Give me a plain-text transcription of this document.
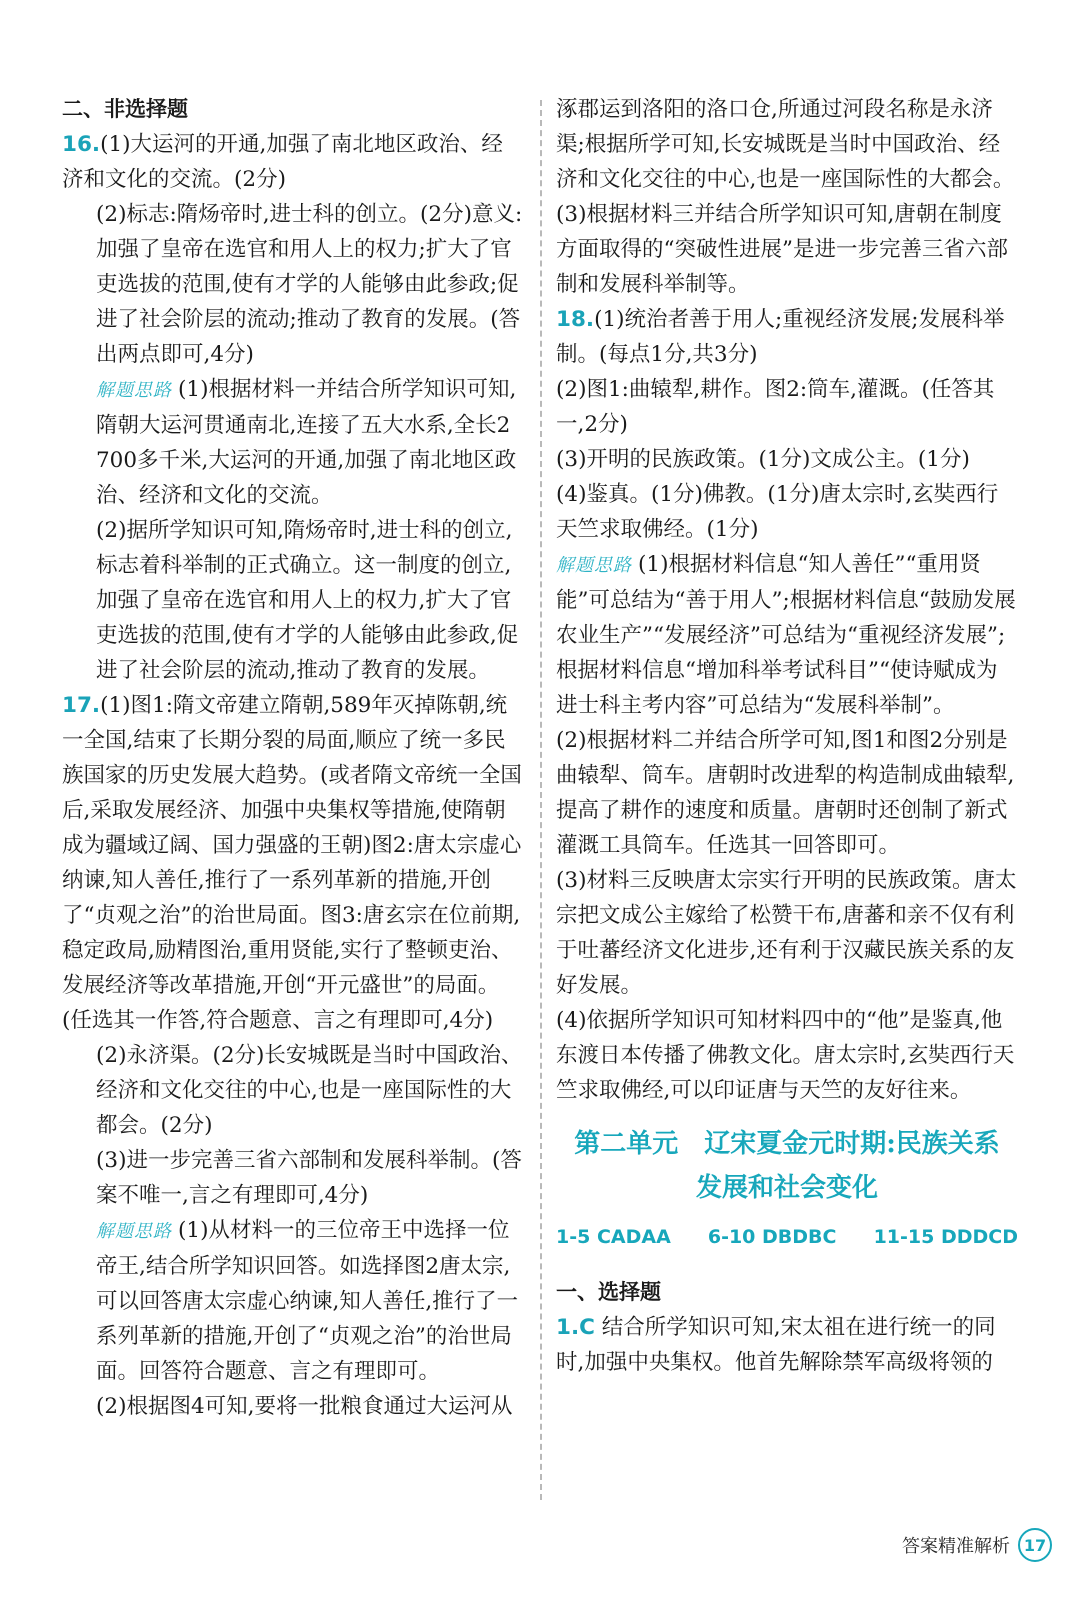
二、非选择题

16.(1)大运河的开通,加强了南北地区政治、经济和文化的交流。(2分)

(2)标志:隋炀帝时,进士科的创立。(2分)意义:加强了皇帝在选官和用人上的权力;扩大了官吏选拔的范围,使有才学的人能够由此参政;促进了社会阶层的流动;推动了教育的发展。(答出两点即可,4分)

解题思路 (1)根据材料一并结合所学知识可知,隋朝大运河贯通南北,连接了五大水系,全长2 700多千米,大运河的开通,加强了南北地区政治、经济和文化的交流。

(2)据所学知识可知,隋炀帝时,进士科的创立,标志着科举制的正式确立。这一制度的创立,加强了皇帝在选官和用人上的权力,扩大了官吏选拔的范围,使有才学的人能够由此参政,促进了社会阶层的流动,推动了教育的发展。

17.(1)图1:隋文帝建立隋朝,589年灭掉陈朝,统一全国,结束了长期分裂的局面,顺应了统一多民族国家的历史发展大趋势。(或者隋文帝统一全国后,采取发展经济、加强中央集权等措施,使隋朝成为疆域辽阔、国力强盛的王朝)图2:唐太宗虚心纳谏,知人善任,推行了一系列革新的措施,开创了“贞观之治”的治世局面。图3:唐玄宗在位前期,稳定政局,励精图治,重用贤能,实行了整顿吏治、发展经济等改革措施,开创“开元盛世”的局面。(任选其一作答,符合题意、言之有理即可,4分)

(2)永济渠。(2分)长安城既是当时中国政治、经济和文化交往的中心,也是一座国际性的大都会。(2分)

(3)进一步完善三省六部制和发展科举制。(答案不唯一,言之有理即可,4分)

解题思路 (1)从材料一的三位帝王中选择一位帝王,结合所学知识回答。如选择图2唐太宗,可以回答唐太宗虚心纳谏,知人善任,推行了一系列革新的措施,开创了“贞观之治”的治世局面。回答符合题意、言之有理即可。

(2)根据图4可知,要将一批粮食通过大运河从

涿郡运到洛阳的洛口仓,所通过河段名称是永济渠;根据所学可知,长安城既是当时中国政治、经济和文化交往的中心,也是一座国际性的大都会。

(3)根据材料三并结合所学知识可知,唐朝在制度方面取得的“突破性进展”是进一步完善三省六部制和发展科举制等。

18.(1)统治者善于用人;重视经济发展;发展科举制。(每点1分,共3分)

(2)图1:曲辕犁,耕作。图2:筒车,灌溉。(任答其一,2分)

(3)开明的民族政策。(1分)文成公主。(1分)

(4)鉴真。(1分)佛教。(1分)唐太宗时,玄奘西行天竺求取佛经。(1分)

解题思路 (1)根据材料信息“知人善任”“重用贤能”可总结为“善于用人”;根据材料信息“鼓励发展农业生产”“发展经济”可总结为“重视经济发展”;根据材料信息“增加科举考试科目”“使诗赋成为进士科主考内容”可总结为“发展科举制”。

(2)根据材料二并结合所学可知,图1和图2分别是曲辕犁、筒车。唐朝时改进犁的构造制成曲辕犁,提高了耕作的速度和质量。唐朝时还创制了新式灌溉工具筒车。任选其一回答即可。

(3)材料三反映唐太宗实行开明的民族政策。唐太宗把文成公主嫁给了松赞干布,唐蕃和亲不仅有利于吐蕃经济文化进步,还有利于汉藏民族关系的友好发展。

(4)依据所学知识可知材料四中的“他”是鉴真,他东渡日本传播了佛教文化。唐太宗时,玄奘西行天竺求取佛经,可以印证唐与天竺的友好往来。

第二单元　辽宋夏金元时期:民族关系
发展和社会变化
1-5 CADAA 6-10 DBDBC 11-15 DDDCD

一、选择题

1.C 结合所学知识可知,宋太祖在进行统一的同时,加强中央集权。他首先解除禁军高级将领的

答案精准解析 17
